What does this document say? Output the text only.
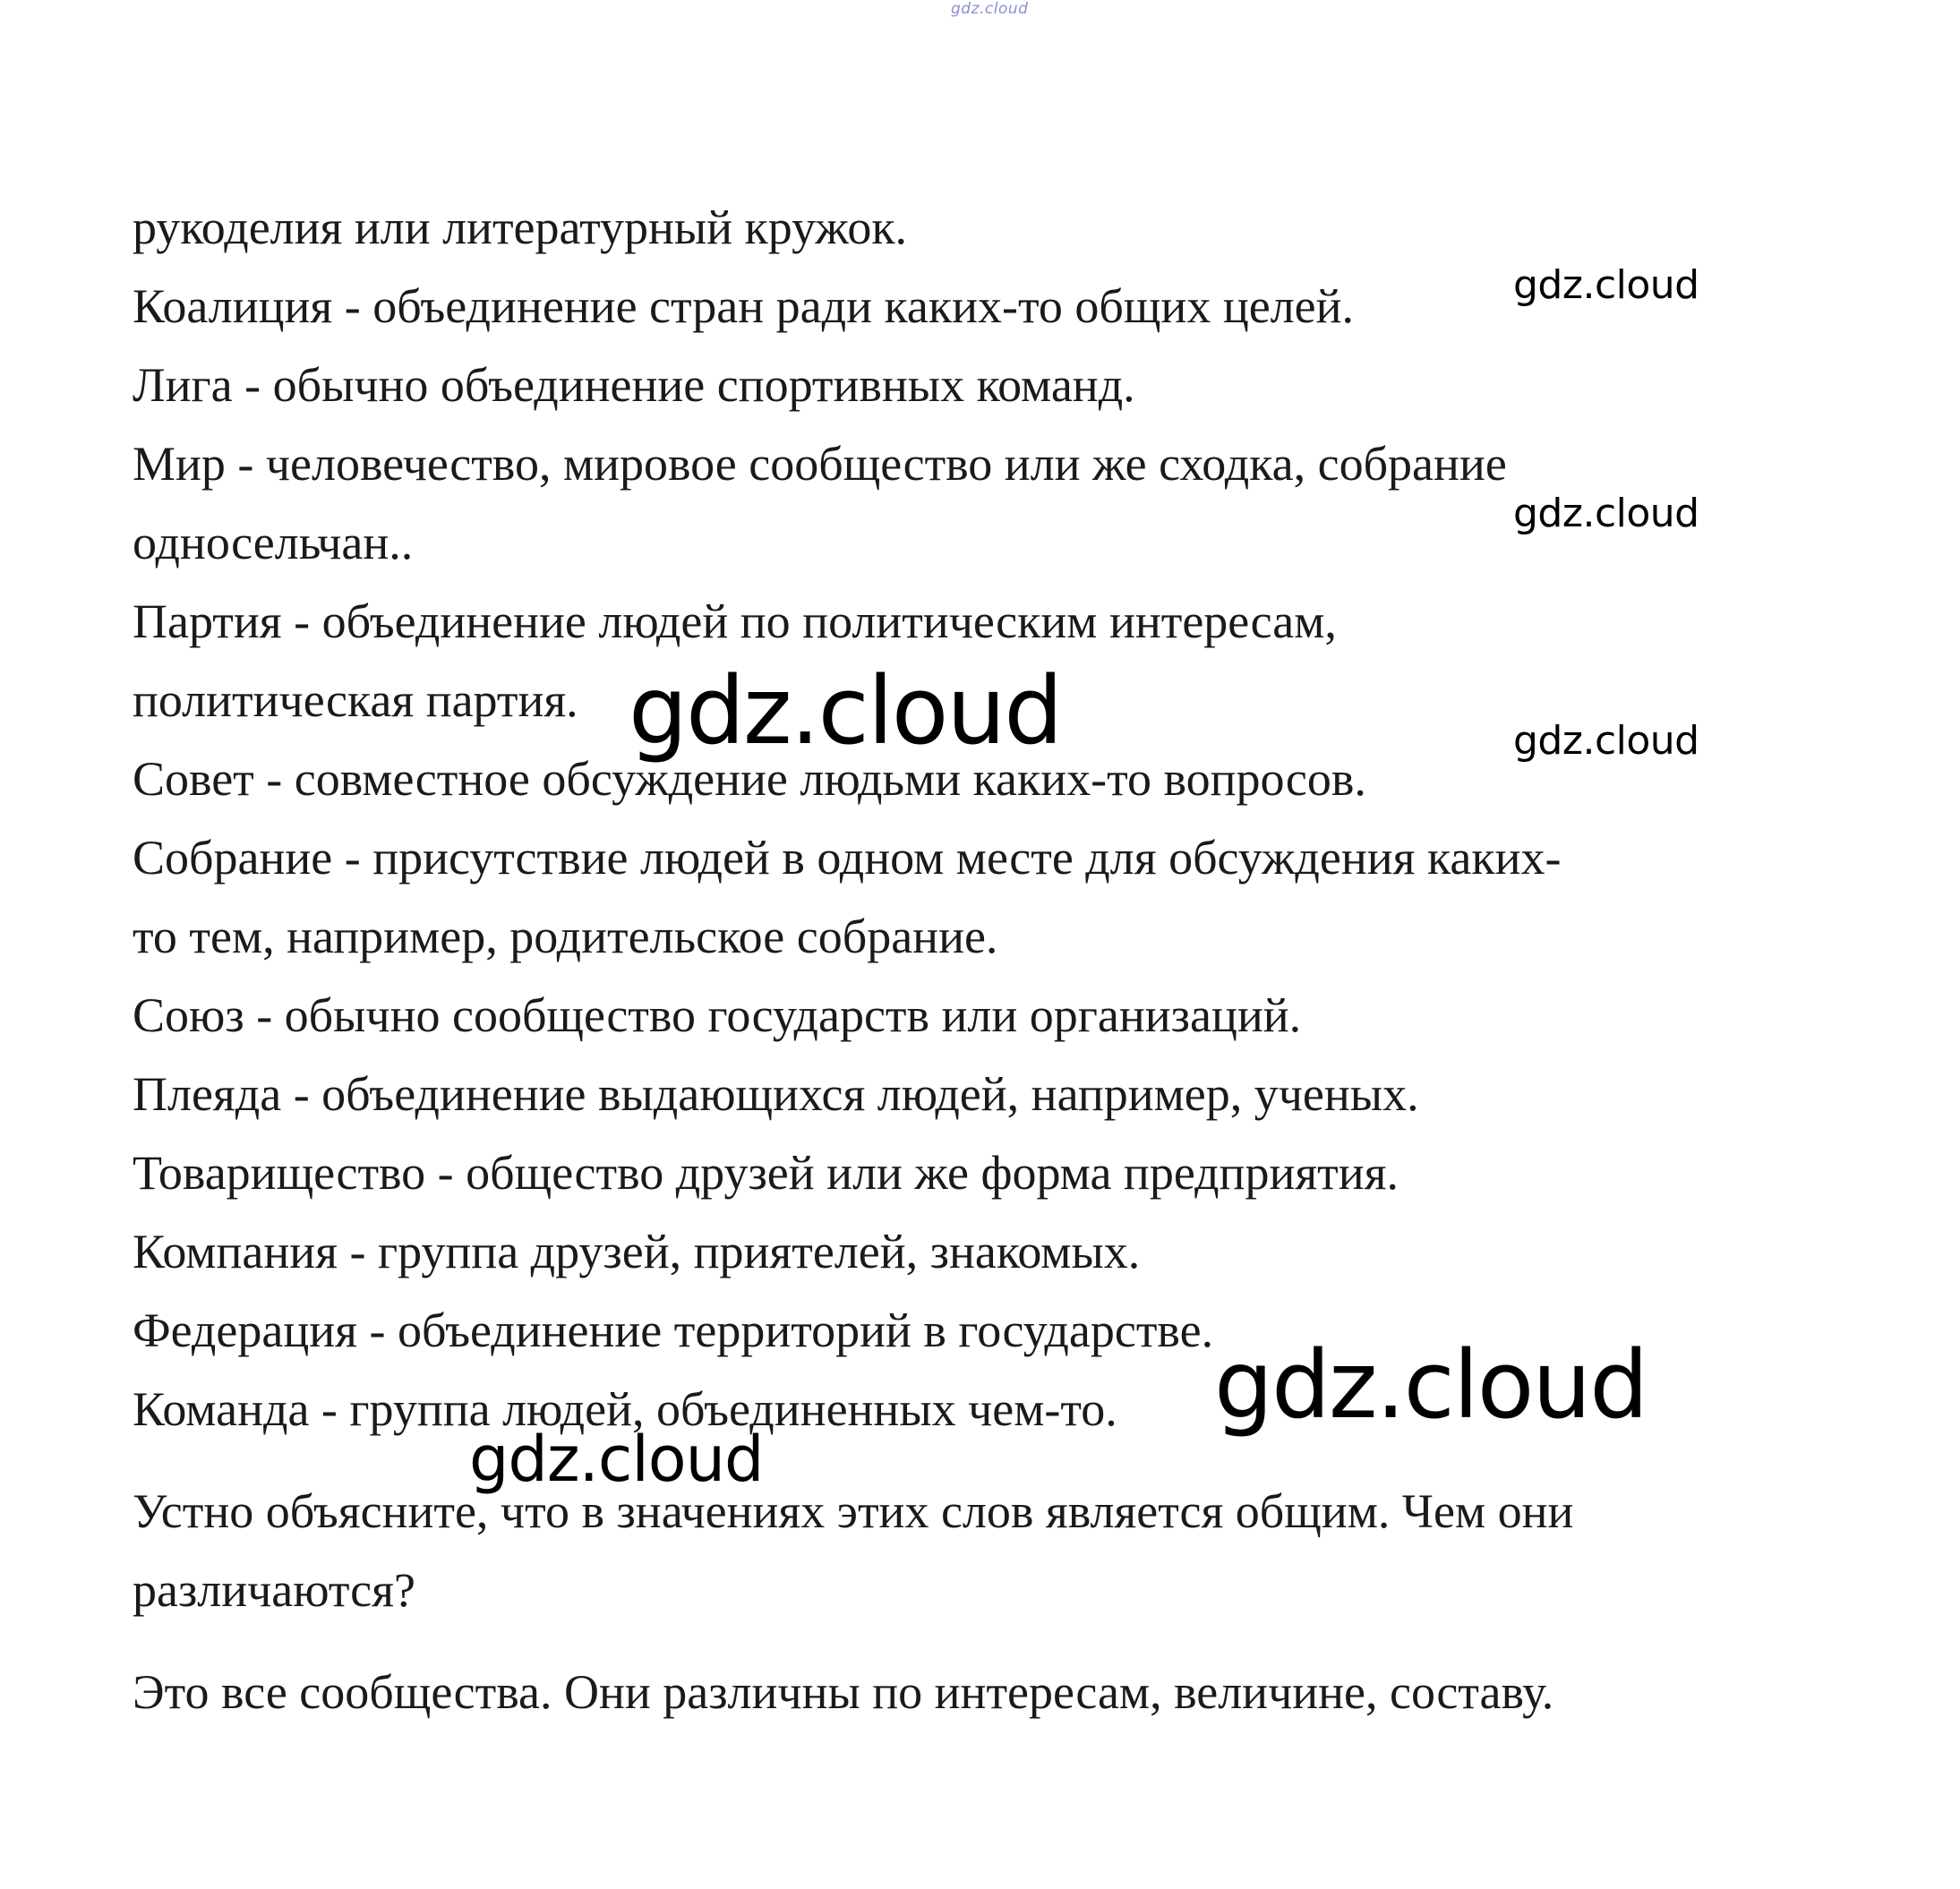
gdz.cloud
рукоделия или литературный кружок.
Коалиция - объединение стран ради каких-то общих целей.
Лига - обычно объединение спортивных команд.
Мир - человечество, мировое сообщество или же сходка, собрание
односельчан..
Партия - объединение людей по политическим интересам,
политическая партия.
Совет - совместное обсуждение людьми каких-то вопросов.
Собрание - присутствие людей в одном месте для обсуждения каких-
то тем, например, родительское собрание.
Союз - обычно сообщество государств или организаций.
Плеяда - объединение выдающихся людей, например, ученых.
Товарищество - общество друзей или же форма предприятия.
Компания - группа друзей, приятелей, знакомых.
Федерация - объединение территорий в государстве.
Команда - группа людей, объединенных чем-то.
Устно объясните, что в значениях этих слов является общим. Чем они
различаются?
Это все сообщества. Они различны по интересам, величине, составу.
gdz.cloud
gdz.cloud
gdz.cloud
gdz.cloud
gdz.cloud
gdz.cloud
